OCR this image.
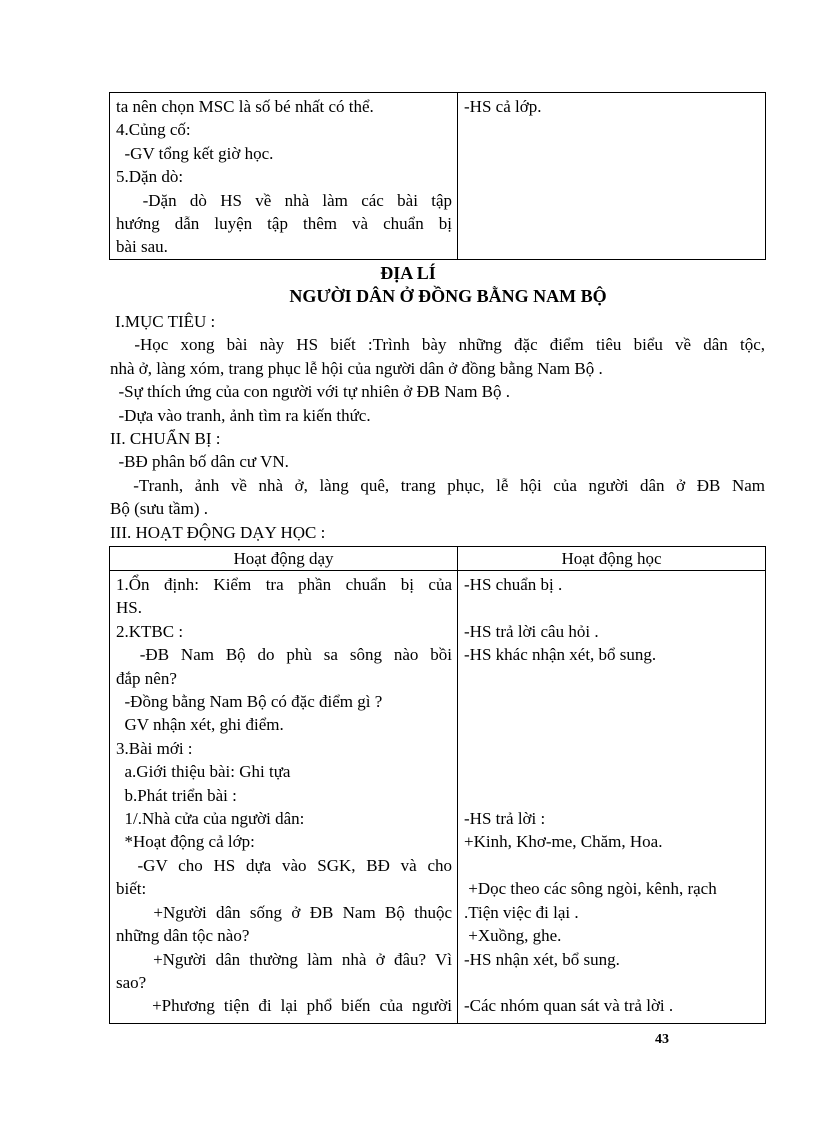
ta nên chọn MSC là số bé nhất có thể.
4.Củng cố:
-GV tổng kết giờ học.
5.Dặn dò:
-Dặn dò HS về nhà làm các bài tập
hướng dẫn luyện tập thêm và chuẩn bị
bài sau.
-HS cả lớp.
ĐỊA LÍ
NGƯỜI DÂN Ở ĐỒNG BẰNG NAM BỘ
I.MỤC TIÊU :
-Học xong bài này HS biết :Trình bày những đặc điểm tiêu biểu về dân tộc,
nhà ở, làng xóm, trang phục lễ hội của người dân ở đồng bằng Nam Bộ .
-Sự thích ứng của con người với tự nhiên ở ĐB Nam Bộ .
-Dựa vào tranh, ảnh tìm ra kiến thức.
II. CHUẨN BỊ :
-BĐ phân bố dân cư VN.
-Tranh, ảnh về nhà ở, làng quê, trang phục, lễ hội của người dân ở ĐB Nam
Bộ (sưu tầm) .
III. HOẠT ĐỘNG DẠY HỌC :
Hoạt động dạy	Hoạt động học
1.Ổn định: Kiểm tra phần chuẩn bị của
HS.
2.KTBC :
-ĐB Nam Bộ do phù sa sông nào bồi
đắp nên?
-Đồng bằng Nam Bộ có đặc điểm gì ?
GV nhận xét, ghi điểm.
3.Bài mới :
a.Giới thiệu bài: Ghi tựa
b.Phát triển bài :
1/.Nhà cửa của người dân:
*Hoạt động cả lớp:
-GV cho HS dựa vào SGK, BĐ và cho
biết:
+Người dân sống ở ĐB Nam Bộ thuộc
những dân tộc nào?
+Người dân thường làm nhà ở đâu? Vì
sao?
+Phương tiện đi lại phổ biến của người
-HS chuẩn bị .

-HS trả lời câu hỏi .
-HS khác nhận xét, bổ sung.

-HS trả lời :
+Kinh, Khơ-me, Chăm, Hoa.

+Dọc theo các sông ngòi, kênh, rạch
.Tiện việc đi lại .
+Xuồng, ghe.
-HS nhận xét, bổ sung.

-Các nhóm quan sát và trả lời .
43
